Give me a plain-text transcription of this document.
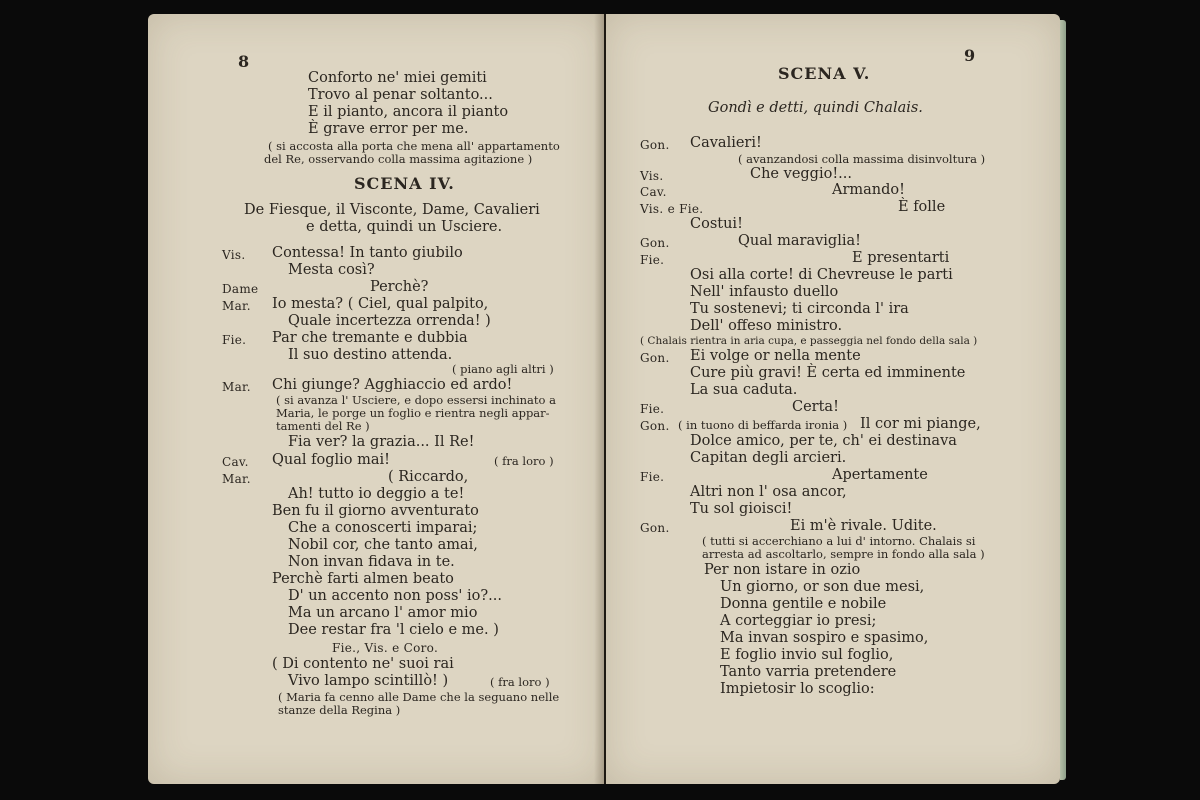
8
Conforto ne' miei gemiti
Trovo al penar soltanto...
E il pianto, ancora il pianto
È grave error per me.
( si accosta alla porta che mena all' appartamento
del Re, osservando colla massima agitazione )
SCENA IV.
De Fiesque, il Visconte, Dame, Cavalieri
e detta, quindi un Usciere.
Vis. Contessa! In tanto giubilo
Mesta così?
Dame	Perchè?
Mar. Io mesta? ( Ciel, qual palpito,
Quale incertezza orrenda! )
Fie. Par che tremante e dubbia
Il suo destino attenda.
( piano agli altri )
Mar. Chi giunge? Agghiaccio ed ardo!
( si avanza l' Usciere, e dopo essersi inchinato a
Maria, le porge un foglio e rientra negli appar-
tamenti del Re )
Fia ver? la grazia... Il Re!
Cav. Qual foglio mai!	( fra loro )
Mar.	( Riccardo,
Ah! tutto io deggio a te!
Ben fu il giorno avventurato
Che a conoscerti imparai;
Nobil cor, che tanto amai,
Non invan fidava in te.
Perchè farti almen beato
D' un accento non poss' io?...
Ma un arcano l' amor mio
Dee restar fra 'l cielo e me. )
Fie., Vis. e Coro.
( Di contento ne' suoi rai
Vivo lampo scintillò! )	( fra loro )
( Maria fa cenno alle Dame che la seguano nelle
stanze della Regina )
9
SCENA V.
Gondì e detti, quindi Chalais.
Gon. Cavalieri!
( avanzandosi colla massima disinvoltura )
Vis.	Che veggio!...
Cav.	Armando!
Vis. e Fie.	È folle
Costui!
Gon.	Qual maraviglia!
Fie.	E presentarti
Osi alla corte! di Chevreuse le parti
Nell' infausto duello
Tu sostenevi; ti circonda l' ira
Dell' offeso ministro.
( Chalais rientra in aria cupa, e passeggia nel fondo della sala )
Gon. Ei volge or nella mente
Cure più gravi! È certa ed imminente
La sua caduta.
Fie.	Certa!
Gon. ( in tuono di beffarda ironia ) Il cor mi piange,
Dolce amico, per te, ch' ei destinava
Capitan degli arcieri.
Fie.	Apertamente
Altri non l' osa ancor,
Tu sol gioisci!
Gon.	Ei m'è rivale. Udite.
( tutti si accerchiano a lui d' intorno. Chalais si
arresta ad ascoltarlo, sempre in fondo alla sala )
Per non istare in ozio
Un giorno, or son due mesi,
Donna gentile e nobile
A corteggiar io presi;
Ma invan sospiro e spasimo,
E foglio invio sul foglio,
Tanto varria pretendere
Impietosir lo scoglio:
